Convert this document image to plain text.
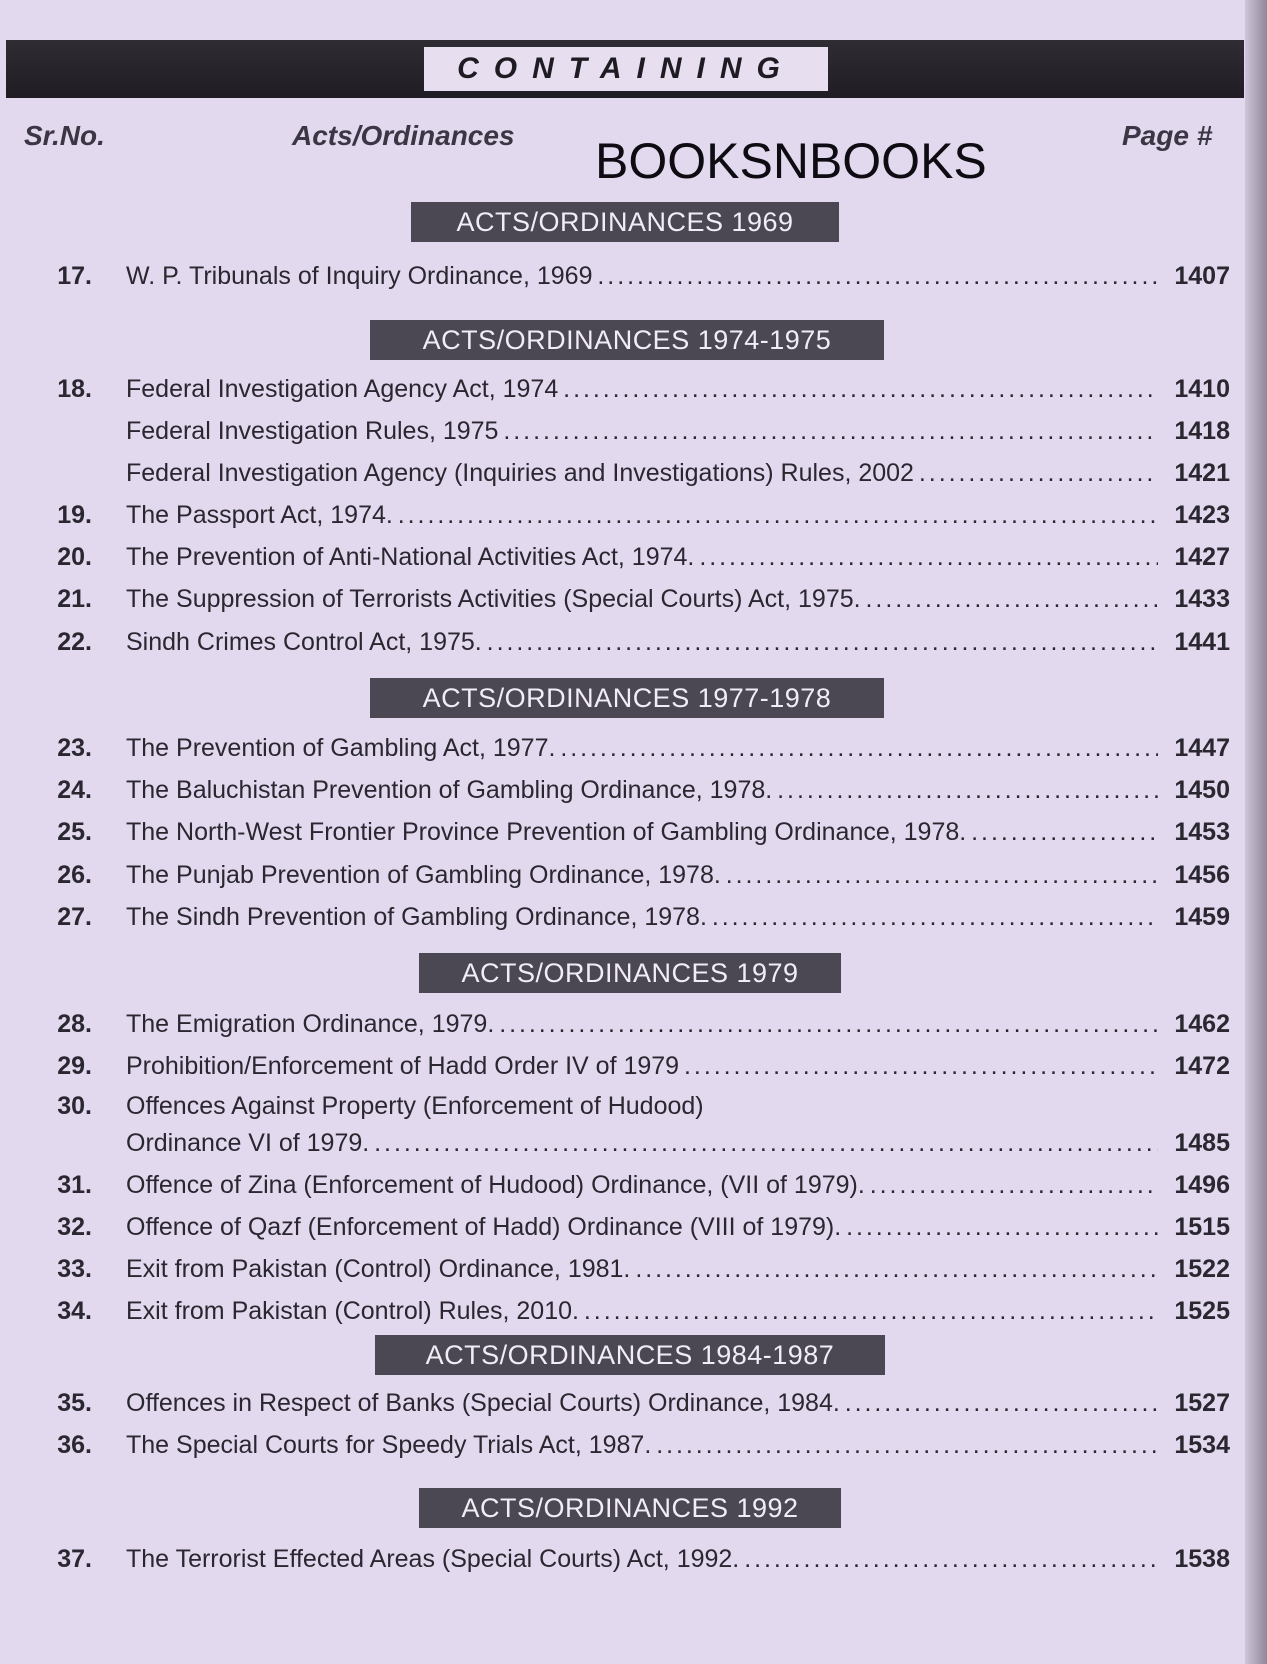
CONTAINING
Sr.No.	Acts/Ordinances	Page #
BOOKSNBOOKS
ACTS/ORDINANCES 1969
ACTS/ORDINANCES 1974-1975
ACTS/ORDINANCES 1977-1978
ACTS/ORDINANCES 1979
ACTS/ORDINANCES 1984-1987
ACTS/ORDINANCES 1992
17. W. P. Tribunals of Inquiry Ordinance, 1969 . . .	1407
18. Federal Investigation Agency Act, 1974 . . .	1410
Federal Investigation Rules, 1975 . . .	1418
Federal Investigation Agency (Inquiries and Investigations) Rules, 2002 . . .	1421
19. The Passport Act, 1974. . . .	1423
20. The Prevention of Anti-National Activities Act, 1974. . . .	1427
21. The Suppression of Terrorists Activities (Special Courts) Act, 1975. . . .	1433
22. Sindh Crimes Control Act, 1975. . . .	1441
23. The Prevention of Gambling Act, 1977. . . .	1447
24. The Baluchistan Prevention of Gambling Ordinance, 1978. . . .	1450
25. The North-West Frontier Province Prevention of Gambling Ordinance, 1978. . . .	1453
26. The Punjab Prevention of Gambling Ordinance, 1978. . . .	1456
27. The Sindh Prevention of Gambling Ordinance, 1978. . . .	1459
28. The Emigration Ordinance, 1979. . . .	1462
29. Prohibition/Enforcement of Hadd Order IV of 1979 . . .	1472
30. Offences Against Property (Enforcement of Hudood)
Ordinance VI of 1979. . . .	1485
31. Offence of Zina (Enforcement of Hudood) Ordinance, (VII of 1979). . . .	1496
32. Offence of Qazf (Enforcement of Hadd) Ordinance (VIII of 1979). . . .	1515
33. Exit from Pakistan (Control) Ordinance, 1981. . . .	1522
34. Exit from Pakistan (Control) Rules, 2010. . . .	1525
35. Offences in Respect of Banks (Special Courts) Ordinance, 1984. . . .	1527
36. The Special Courts for Speedy Trials Act, 1987. . . .	1534
37. The Terrorist Effected Areas (Special Courts) Act, 1992. . . .	1538
